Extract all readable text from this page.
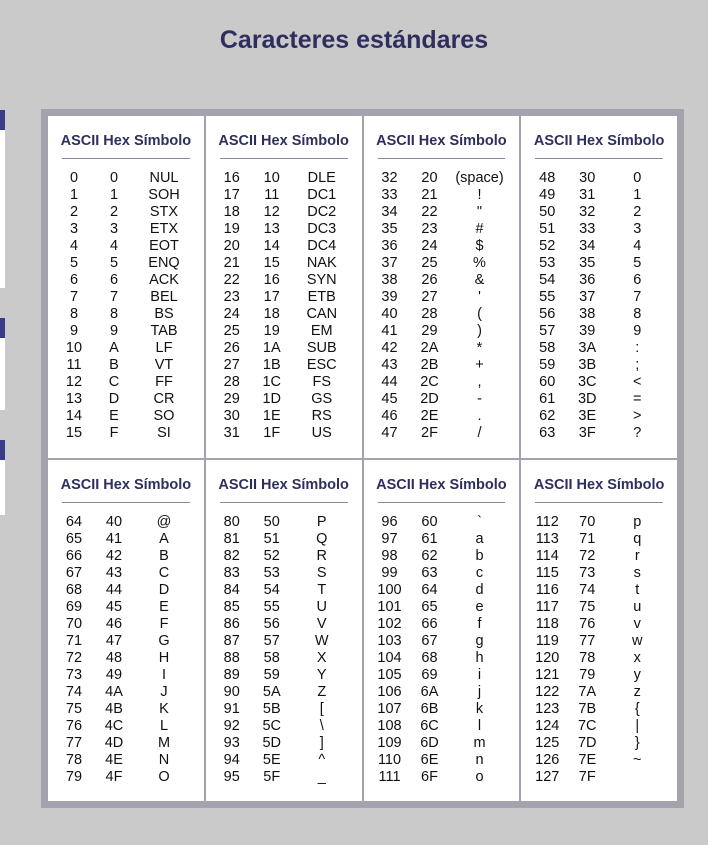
Caracteres estándares
ASCII Hex Símbolo
0	0	NUL
1	1	SOH
2	2	STX
3	3	ETX
4	4	EOT
5	5	ENQ
6	6	ACK
7	7	BEL
8	8	BS
9	9	TAB
10	A	LF
11	B	VT
12	C	FF
13	D	CR
14	E	SO
15	F	SI
ASCII Hex Símbolo
16	10	DLE
17	11	DC1
18	12	DC2
19	13	DC3
20	14	DC4
21	15	NAK
22	16	SYN
23	17	ETB
24	18	CAN
25	19	EM
26	1A	SUB
27	1B	ESC
28	1C	FS
29	1D	GS
30	1E	RS
31	1F	US
ASCII Hex Símbolo
32	20	(space)
33	21	!
34	22	"
35	23	#
36	24	$
37	25	%
38	26	&
39	27	'
40	28	(
41	29	)
42	2A	*
43	2B	+
44	2C	,
45	2D	-
46	2E	.
47	2F	/
ASCII Hex Símbolo
48	30	0
49	31	1
50	32	2
51	33	3
52	34	4
53	35	5
54	36	6
55	37	7
56	38	8
57	39	9
58	3A	:
59	3B	;
60	3C	<
61	3D	=
62	3E	>
63	3F	?
ASCII Hex Símbolo
64	40	@
65	41	A
66	42	B
67	43	C
68	44	D
69	45	E
70	46	F
71	47	G
72	48	H
73	49	I
74	4A	J
75	4B	K
76	4C	L
77	4D	M
78	4E	N
79	4F	O
ASCII Hex Símbolo
80	50	P
81	51	Q
82	52	R
83	53	S
84	54	T
85	55	U
86	56	V
87	57	W
88	58	X
89	59	Y
90	5A	Z
91	5B	[
92	5C	\
93	5D	]
94	5E	^
95	5F	_
ASCII Hex Símbolo
96	60	`
97	61	a
98	62	b
99	63	c
100	64	d
101	65	e
102	66	f
103	67	g
104	68	h
105	69	i
106	6A	j
107	6B	k
108	6C	l
109	6D	m
110	6E	n
111	6F	o
ASCII Hex Símbolo
112	70	p
113	71	q
114	72	r
115	73	s
116	74	t
117	75	u
118	76	v
119	77	w
120	78	x
121	79	y
122	7A	z
123	7B	{
124	7C	|
125	7D	}
126	7E	~
127	7F
